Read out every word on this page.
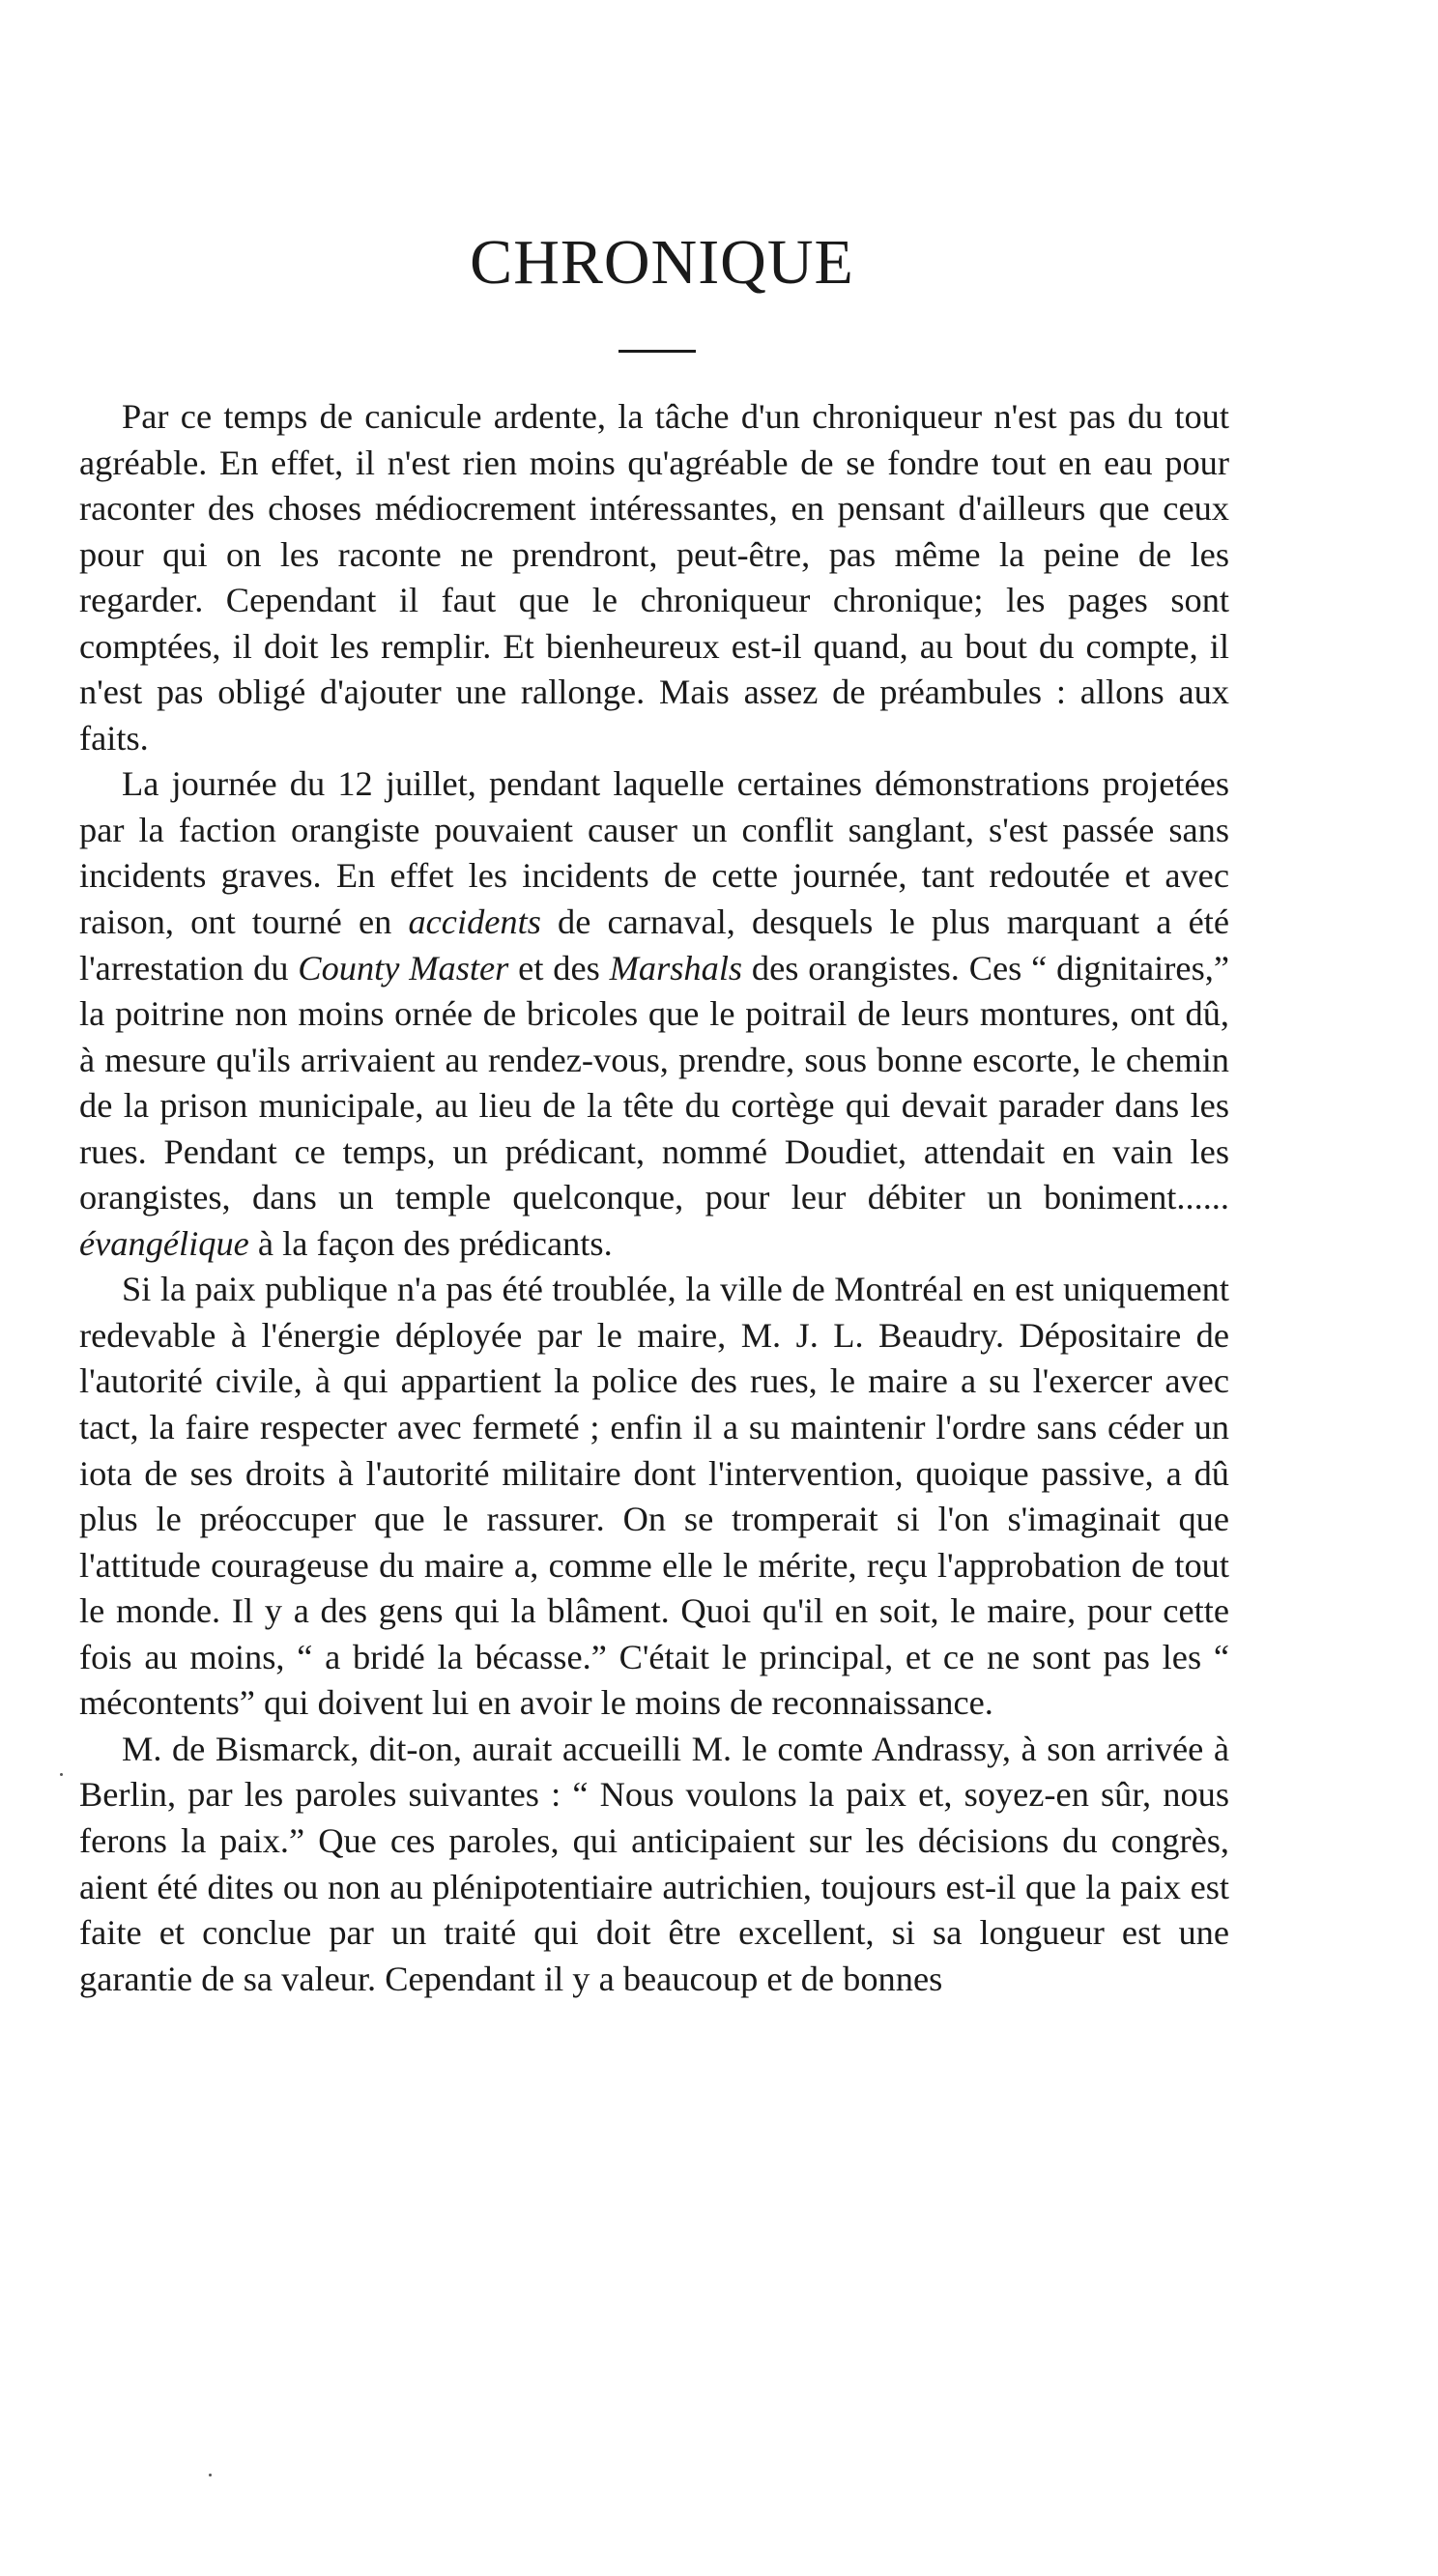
CHRONIQUE

Par ce temps de canicule ardente, la tâche d'un chroniqueur n'est pas du tout agréable. En effet, il n'est rien moins qu'agréable de se fondre tout en eau pour raconter des choses médiocrement intéressantes, en pensant d'ailleurs que ceux pour qui on les raconte ne prendront, peut-être, pas même la peine de les regarder. Cependant il faut que le chroniqueur chronique; les pages sont comptées, il doit les remplir. Et bienheureux est-il quand, au bout du compte, il n'est pas obligé d'ajouter une rallonge. Mais assez de préambules : allons aux faits.

La journée du 12 juillet, pendant laquelle certaines démonstrations projetées par la faction orangiste pouvaient causer un conflit sanglant, s'est passée sans incidents graves. En effet les incidents de cette journée, tant redoutée et avec raison, ont tourné en accidents de carnaval, desquels le plus marquant a été l'arrestation du County Master et des Marshals des orangistes. Ces “ dignitaires,” la poitrine non moins ornée de bricoles que le poitrail de leurs montures, ont dû, à mesure qu'ils arrivaient au rendez-vous, prendre, sous bonne escorte, le chemin de la prison municipale, au lieu de la tête du cortège qui devait parader dans les rues. Pendant ce temps, un prédicant, nommé Doudiet, attendait en vain les orangistes, dans un temple quelconque, pour leur débiter un boniment...... évangélique à la façon des prédicants.

Si la paix publique n'a pas été troublée, la ville de Montréal en est uniquement redevable à l'énergie déployée par le maire, M. J. L. Beaudry. Dépositaire de l'autorité civile, à qui appartient la police des rues, le maire a su l'exercer avec tact, la faire respecter avec fermeté ; enfin il a su maintenir l'ordre sans céder un iota de ses droits à l'autorité militaire dont l'intervention, quoique passive, a dû plus le préoccuper que le rassurer. On se tromperait si l'on s'imaginait que l'attitude courageuse du maire a, comme elle le mérite, reçu l'approbation de tout le monde. Il y a des gens qui la blâment. Quoi qu'il en soit, le maire, pour cette fois au moins, “ a bridé la bécasse.” C'était le principal, et ce ne sont pas les “ mécontents” qui doivent lui en avoir le moins de reconnaissance.

M. de Bismarck, dit-on, aurait accueilli M. le comte Andrassy, à son arrivée à Berlin, par les paroles suivantes : “ Nous voulons la paix et, soyez-en sûr, nous ferons la paix.” Que ces paroles, qui anticipaient sur les décisions du congrès, aient été dites ou non au plénipotentiaire autrichien, toujours est-il que la paix est faite et conclue par un traité qui doit être excellent, si sa longueur est une garantie de sa valeur. Cependant il y a beaucoup et de bonnes
